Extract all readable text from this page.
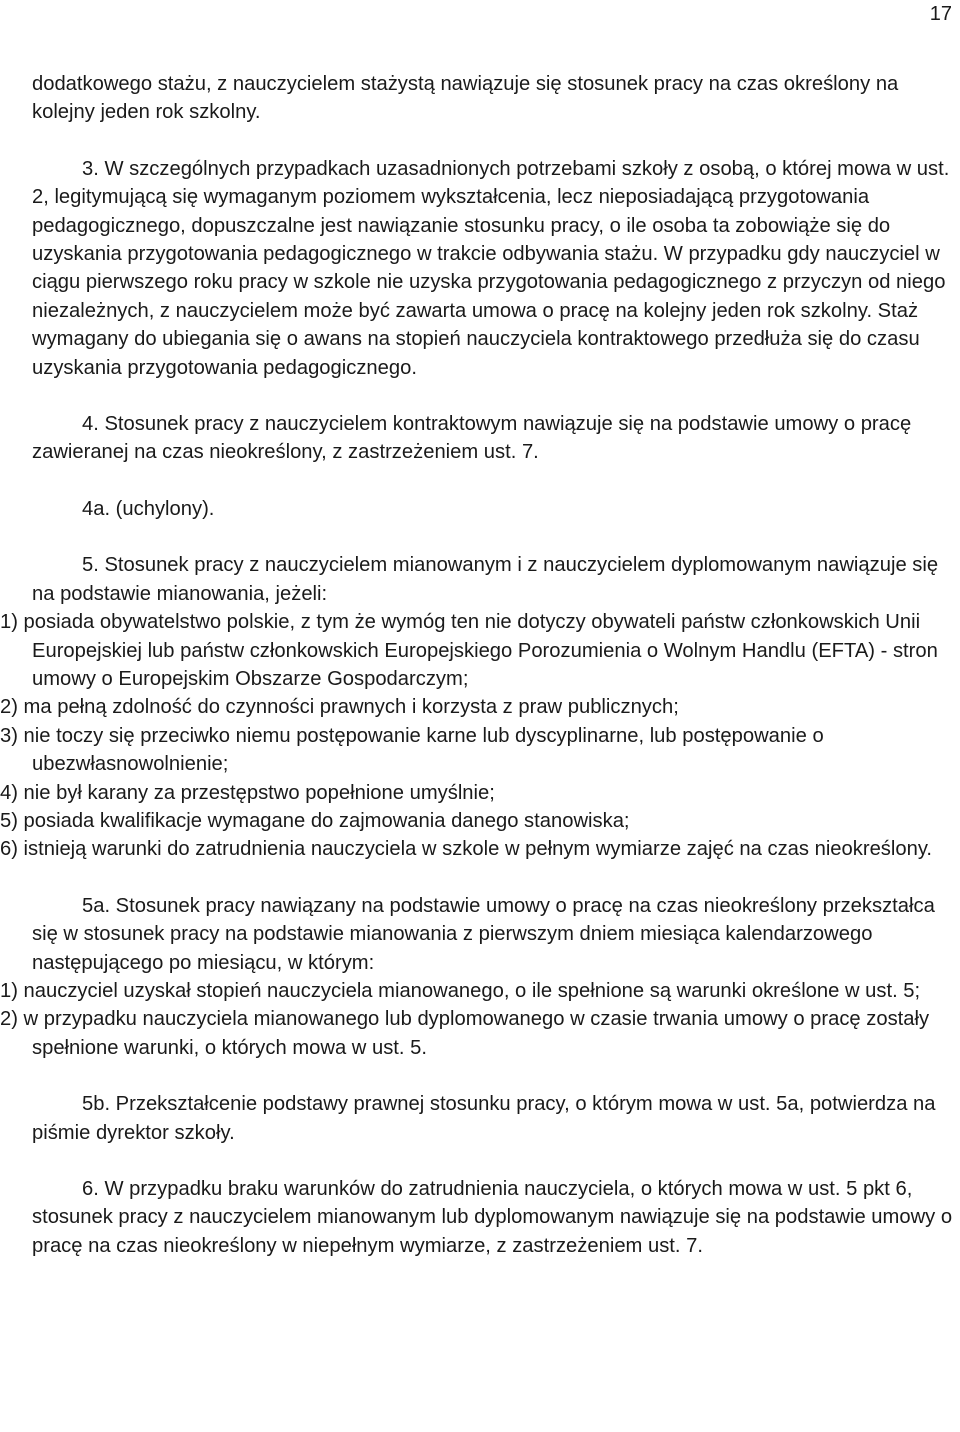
17

dodatkowego stażu, z nauczycielem stażystą nawiązuje się stosunek pracy na czas określony na kolejny jeden rok szkolny.

3. W szczególnych przypadkach uzasadnionych potrzebami szkoły z osobą, o której mowa w ust. 2, legitymującą się wymaganym poziomem wykształcenia, lecz nieposiadającą przygotowania pedagogicznego, dopuszczalne jest nawiązanie stosunku pracy, o ile osoba ta zobowiąże się do uzyskania przygotowania pedagogicznego w trakcie odbywania stażu. W przypadku gdy nauczyciel w ciągu pierwszego roku pracy w szkole nie uzyska przygotowania pedagogicznego z przyczyn od niego niezależnych, z nauczycielem może być zawarta umowa o pracę na kolejny jeden rok szkolny. Staż wymagany do ubiegania się o awans na stopień nauczyciela kontraktowego przedłuża się do czasu uzyskania przygotowania pedagogicznego.

4. Stosunek pracy z nauczycielem kontraktowym nawiązuje się na podstawie umowy o pracę zawieranej na czas nieokreślony, z zastrzeżeniem ust. 7.

4a. (uchylony).

5. Stosunek pracy z nauczycielem mianowanym i z nauczycielem dyplomowanym nawiązuje się na podstawie mianowania, jeżeli:

1) posiada obywatelstwo polskie, z tym że wymóg ten nie dotyczy obywateli państw członkowskich Unii Europejskiej lub państw członkowskich Europejskiego Porozumienia o Wolnym Handlu (EFTA) - stron umowy o Europejskim Obszarze Gospodarczym;

2) ma pełną zdolność do czynności prawnych i korzysta z praw publicznych;

3) nie toczy się przeciwko niemu postępowanie karne lub dyscyplinarne, lub postępowanie o ubezwłasnowolnienie;

4) nie był karany za przestępstwo popełnione umyślnie;

5) posiada kwalifikacje wymagane do zajmowania danego stanowiska;

6) istnieją warunki do zatrudnienia nauczyciela w szkole w pełnym wymiarze zajęć na czas nieokreślony.

5a. Stosunek pracy nawiązany na podstawie umowy o pracę na czas nieokreślony przekształca się w stosunek pracy na podstawie mianowania z pierwszym dniem miesiąca kalendarzowego następującego po miesiącu, w którym:

1) nauczyciel uzyskał stopień nauczyciela mianowanego, o ile spełnione są warunki określone w ust. 5;

2) w przypadku nauczyciela mianowanego lub dyplomowanego w czasie trwania umowy o pracę zostały spełnione warunki, o których mowa w ust. 5.

5b. Przekształcenie podstawy prawnej stosunku pracy, o którym mowa w ust. 5a, potwierdza na piśmie dyrektor szkoły.

6. W przypadku braku warunków do zatrudnienia nauczyciela, o których mowa w ust. 5 pkt 6, stosunek pracy z nauczycielem mianowanym lub dyplomowanym nawiązuje się na podstawie umowy o pracę na czas nieokreślony w niepełnym wymiarze, z zastrzeżeniem ust. 7.
